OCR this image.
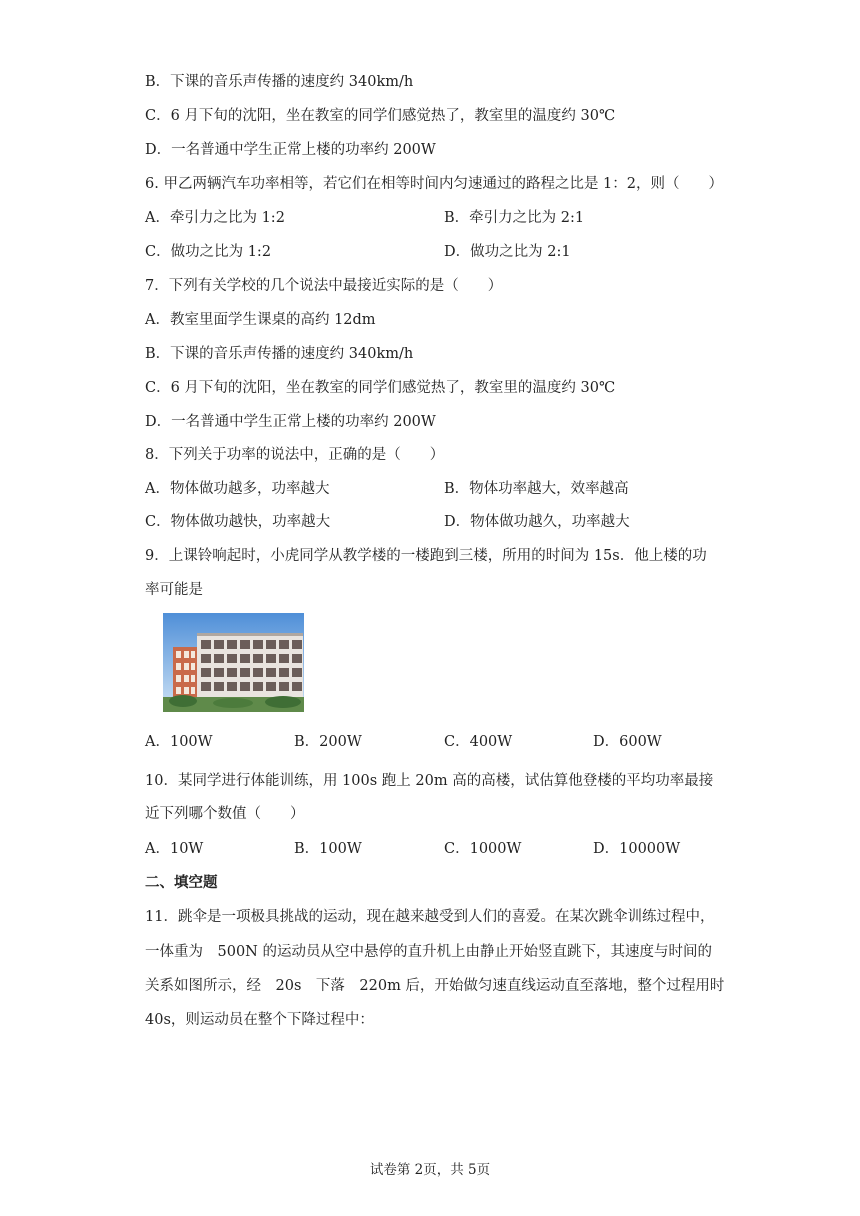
B．下课的音乐声传播的速度约 340km/h
C．6 月下旬的沈阳，坐在教室的同学们感觉热了，教室里的温度约 30℃
D．一名普通中学生正常上楼的功率约 200W
6. 甲乙两辆汽车功率相等，若它们在相等时间内匀速通过的路程之比是 1：2，则（　　）
A．牵引力之比为 1:2	B．牵引力之比为 2:1
C．做功之比为 1:2	D．做功之比为 2:1
7．下列有关学校的几个说法中最接近实际的是（　　）
A．教室里面学生课桌的高约 12dm
B．下课的音乐声传播的速度约 340km/h
C．6 月下旬的沈阳，坐在教室的同学们感觉热了，教室里的温度约 30℃
D．一名普通中学生正常上楼的功率约 200W
8．下列关于功率的说法中，正确的是（　　）
A．物体做功越多，功率越大	B．物体功率越大，效率越高
C．物体做功越快，功率越大	D．物体做功越久，功率越大
9．上课铃响起时，小虎同学从教学楼的一楼跑到三楼，所用的时间为 15s．他上楼的功
率可能是
A．100W	B．200W	C．400W	D．600W
10．某同学进行体能训练，用 100s 跑上 20m 高的高楼，试估算他登楼的平均功率最接
近下列哪个数值（　　）
A．10W	B．100W	C．1000W	D．10000W
二、填空题
11．跳伞是一项极具挑战的运动，现在越来越受到人们的喜爱。在某次跳伞训练过程中，
一体重为　500N 的运动员从空中悬停的直升机上由静止开始竖直跳下，其速度与时间的
关系如图所示，经　20s　下落　220m 后，开始做匀速直线运动直至落地，整个过程用时
40s，则运动员在整个下降过程中：
试卷第 2页，共 5页
